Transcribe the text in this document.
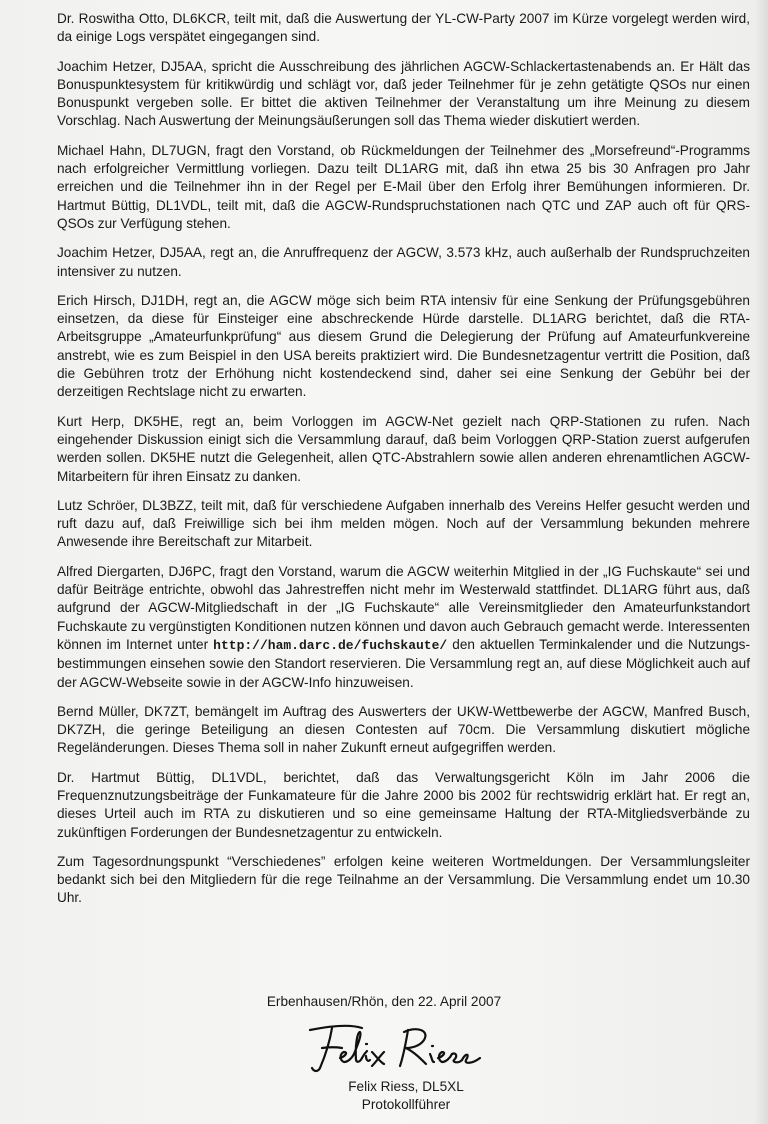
Dr. Roswitha Otto, DL6KCR, teilt mit, daß die Auswertung der YL-CW-Party 2007 im Kürze vorgelegt werden wird, da einige Logs verspätet eingegangen sind.

Joachim Hetzer, DJ5AA, spricht die Ausschreibung des jährlichen AGCW-Schlackertastenabends an. Er Hält das Bonuspunktesystem für kritikwürdig und schlägt vor, daß jeder Teilnehmer für je zehn getätigte QSOs nur einen Bonuspunkt vergeben solle. Er bittet die aktiven Teilnehmer der Veranstaltung um ihre Meinung zu diesem Vorschlag. Nach Auswertung der Meinungsäußerungen soll das Thema wieder diskutiert werden.

Michael Hahn, DL7UGN, fragt den Vorstand, ob Rückmeldungen der Teilnehmer des „Morsefreund“-Programms nach erfolgreicher Vermittlung vorliegen. Dazu teilt DL1ARG mit, daß ihn etwa 25 bis 30 Anfragen pro Jahr erreichen und die Teilnehmer ihn in der Regel per E-Mail über den Erfolg ihrer Bemühungen informieren. Dr. Hartmut Büttig, DL1VDL, teilt mit, daß die AGCW-Rundspruchstationen nach QTC und ZAP auch oft für QRS-QSOs zur Verfügung stehen.

Joachim Hetzer, DJ5AA, regt an, die Anruffrequenz der AGCW, 3.573 kHz, auch außerhalb der Rundspruchzeiten intensiver zu nutzen.

Erich Hirsch, DJ1DH, regt an, die AGCW möge sich beim RTA intensiv für eine Senkung der Prüfungsgebühren einsetzen, da diese für Einsteiger eine abschreckende Hürde darstelle. DL1ARG berichtet, daß die RTA-Arbeitsgruppe „Amateurfunkprüfung“ aus diesem Grund die Delegierung der Prüfung auf Amateurfunkvereine anstrebt, wie es zum Beispiel in den USA bereits praktiziert wird. Die Bundesnetzagentur vertritt die Position, daß die Gebühren trotz der Erhöhung nicht kostendeckend sind, daher sei eine Senkung der Gebühr bei der derzeitigen Rechtslage nicht zu erwarten.

Kurt Herp, DK5HE, regt an, beim Vorloggen im AGCW-Net gezielt nach QRP-Stationen zu rufen. Nach eingehender Diskussion einigt sich die Versammlung darauf, daß beim Vorloggen QRP-Station zuerst aufgerufen werden sollen. DK5HE nutzt die Gelegenheit, allen QTC-Abstrahlern sowie allen anderen ehrenamtlichen AGCW-Mitarbeitern für ihren Einsatz zu danken.

Lutz Schröer, DL3BZZ, teilt mit, daß für verschiedene Aufgaben innerhalb des Vereins Helfer gesucht werden und ruft dazu auf, daß Freiwillige sich bei ihm melden mögen. Noch auf der Versammlung bekunden mehrere Anwesende ihre Bereitschaft zur Mitarbeit.

Alfred Diergarten, DJ6PC, fragt den Vorstand, warum die AGCW weiterhin Mitglied in der „IG Fuchskaute“ sei und dafür Beiträge entrichte, obwohl das Jahrestreffen nicht mehr im Westerwald stattfindet. DL1ARG führt aus, daß aufgrund der AGCW-Mitgliedschaft in der „IG Fuchskaute“ alle Vereinsmitglieder den Amateurfunkstandort Fuchskaute zu vergünstigten Konditionen nutzen können und davon auch Gebrauch gemacht werde. Interessenten können im Internet unter http://ham.darc.de/fuchskaute/ den aktuellen Terminkalender und die Nutzungs-bestimmungen einsehen sowie den Standort reservieren. Die Versammlung regt an, auf diese Möglichkeit auch auf der AGCW-Webseite sowie in der AGCW-Info hinzuweisen.

Bernd Müller, DK7ZT, bemängelt im Auftrag des Auswerters der UKW-Wettbewerbe der AGCW, Manfred Busch, DK7ZH, die geringe Beteiligung an diesen Contesten auf 70cm. Die Versammlung diskutiert mögliche Regeländerungen. Dieses Thema soll in naher Zukunft erneut aufgegriffen werden.

Dr. Hartmut Büttig, DL1VDL, berichtet, daß das Verwaltungsgericht Köln im Jahr 2006 die Frequenznutzungsbeiträge der Funkamateure für die Jahre 2000 bis 2002 für rechtswidrig erklärt hat. Er regt an, dieses Urteil auch im RTA zu diskutieren und so eine gemeinsame Haltung der RTA-Mitgliedsverbände zu zukünftigen Forderungen der Bundesnetzagentur zu entwickeln.

Zum Tagesordnungspunkt “Verschiedenes” erfolgen keine weiteren Wortmeldungen. Der Versammlungsleiter bedankt sich bei den Mitgliedern für die rege Teilnahme an der Versammlung. Die Versammlung endet um 10.30 Uhr.

Erbenhausen/Rhön, den 22. April 2007
Felix Riess, DL5XL
Protokollführer
